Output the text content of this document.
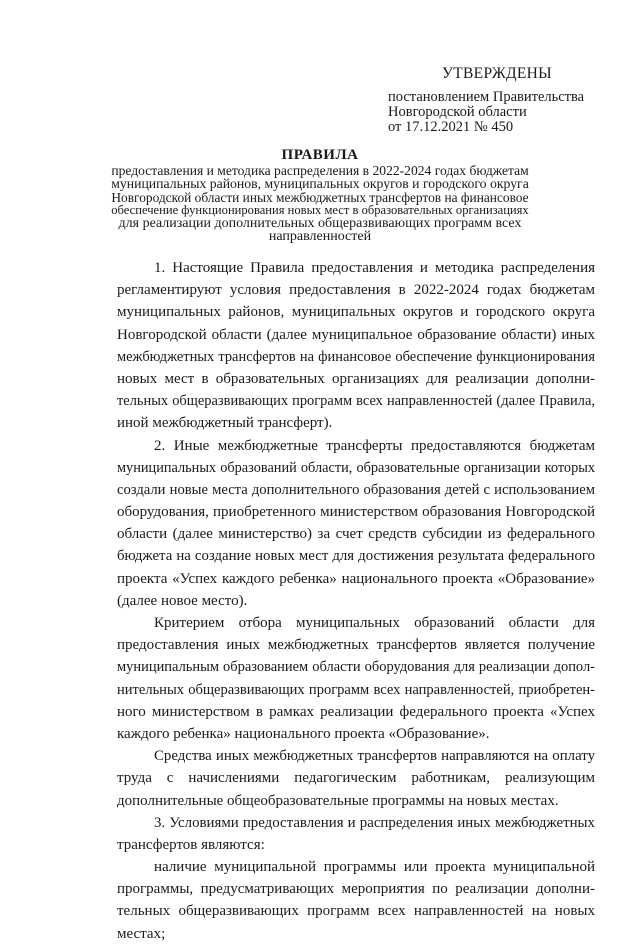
УТВЕРЖДЕНЫ
постановлением Правительства
Новгородской области
от 17.12.2021 № 450
ПРАВИЛА
предоставления и методика распределения в 2022-2024 годах бюджетам
муниципальных районов, муниципальных округов и городского округа
Новгородской области иных межбюджетных трансфертов на финансовое
обеспечение функционирования новых мест в образовательных организациях
для реализации дополнительных общеразвивающих программ всех
направленностей
1. Настоящие Правила предоставления и методика распределения
регламентируют условия предоставления в 2022-2024 годах бюджетам
муниципальных районов, муниципальных округов и городского округа
Новгородской области (далее муниципальное образование области) иных
межбюджетных трансфертов на финансовое обеспечение функционирования
новых мест в образовательных организациях для реализации дополни-
тельных общеразвивающих программ всех направленностей (далее Правила,
иной межбюджетный трансферт).
2. Иные межбюджетные трансферты предоставляются бюджетам
муниципальных образований области, образовательные организации которых
создали новые места дополнительного образования детей с использованием
оборудования, приобретенного министерством образования Новгородской
области (далее министерство) за счет средств субсидии из федерального
бюджета на создание новых мест для достижения результата федерального
проекта «Успех каждого ребенка» национального проекта «Образование»
(далее новое место).
Критерием отбора муниципальных образований области для
предоставления иных межбюджетных трансфертов является получение
муниципальным образованием области оборудования для реализации допол-
нительных общеразвивающих программ всех направленностей, приобретен-
ного министерством в рамках реализации федерального проекта «Успех
каждого ребенка» национального проекта «Образование».
Средства иных межбюджетных трансфертов направляются на оплату
труда с начислениями педагогическим работникам, реализующим
дополнительные общеобразовательные программы на новых местах.
3. Условиями предоставления и распределения иных межбюджетных
трансфертов являются:
наличие муниципальной программы или проекта муниципальной
программы, предусматривающих мероприятия по реализации дополни-
тельных общеразвивающих программ всех направленностей на новых
местах;
